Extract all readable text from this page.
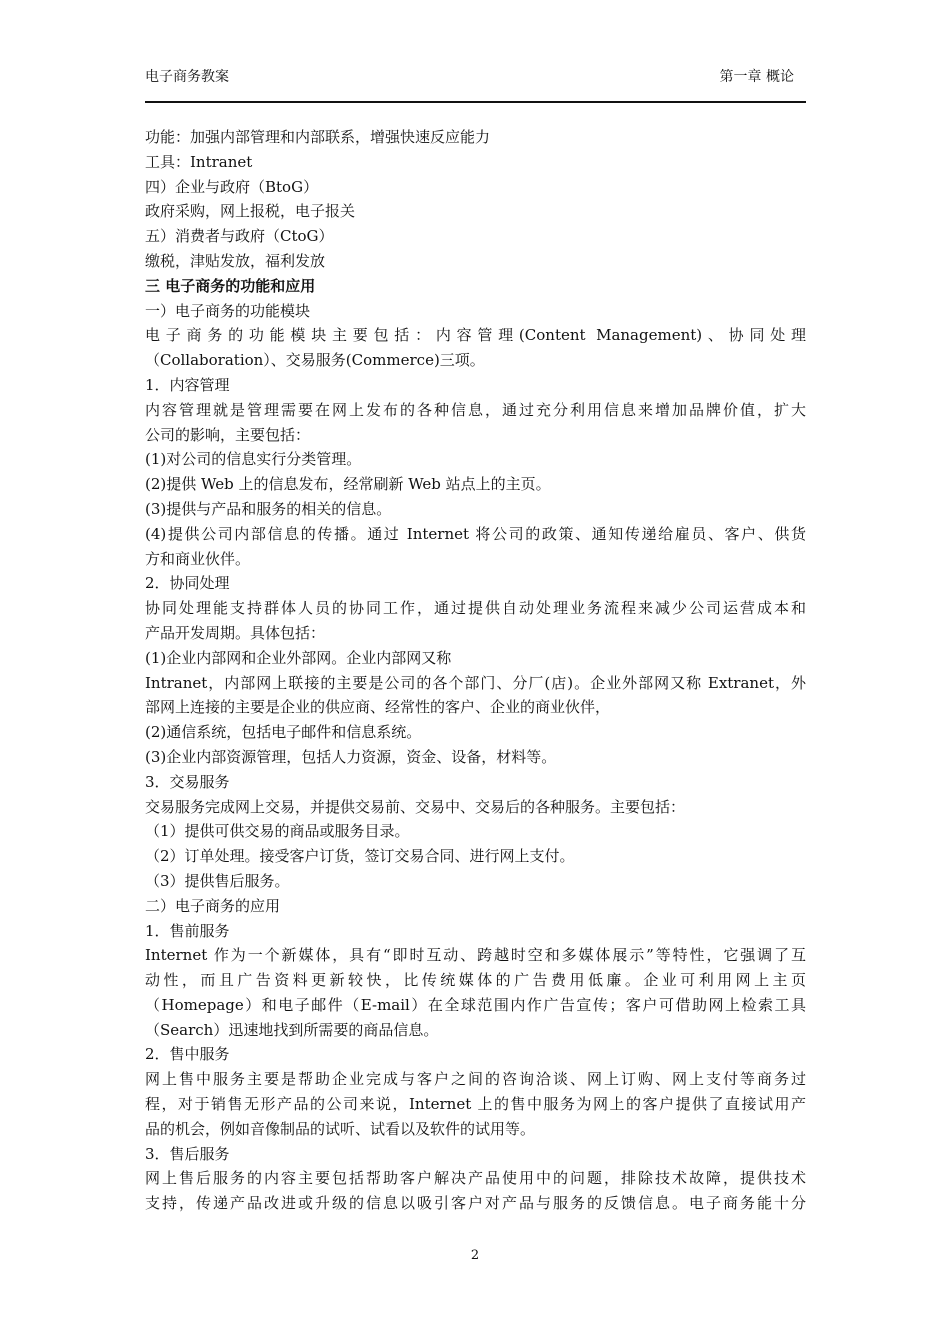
电子商务教案	第一章 概论
功能：加强内部管理和内部联系，增强快速反应能力
工具：Intranet
四）企业与政府（BtoG）
政府采购，网上报税，电子报关
五）消费者与政府（CtoG）
缴税，津贴发放，福利发放
三 电子商务的功能和应用
一）电子商务的功能模块
电子商务的功能模块主要包括：内容管理(Content Management)、协同处理
（Collaboration）、交易服务(Commerce)三项。
1．内容管理
内容管理就是管理需要在网上发布的各种信息，通过充分利用信息来增加品牌价值，扩大
公司的影响，主要包括：
(1)对公司的信息实行分类管理。
(2)提供 Web 上的信息发布，经常刷新 Web 站点上的主页。
(3)提供与产品和服务的相关的信息。
(4)提供公司内部信息的传播。通过 Internet 将公司的政策、通知传递给雇员、客户、供货
方和商业伙伴。
2．协同处理
协同处理能支持群体人员的协同工作，通过提供自动处理业务流程来减少公司运营成本和
产品开发周期。具体包括：
(1)企业内部网和企业外部网。企业内部网又称
Intranet，内部网上联接的主要是公司的各个部门、分厂(店)。企业外部网又称 Extranet，外
部网上连接的主要是企业的供应商、经常性的客户、企业的商业伙伴，
(2)通信系统，包括电子邮件和信息系统。
(3)企业内部资源管理，包括人力资源，资金、设备，材料等。
3．交易服务
交易服务完成网上交易，并提供交易前、交易中、交易后的各种服务。主要包括：
（1）提供可供交易的商品或服务目录。
（2）订单处理。接受客户订货，签订交易合同、进行网上支付。
（3）提供售后服务。
二）电子商务的应用
1．售前服务
Internet 作为一个新媒体，具有“即时互动、跨越时空和多媒体展示”等特性，它强调了互
动性，而且广告资料更新较快，比传统媒体的广告费用低廉。企业可利用网上主页
（Homepage）和电子邮件（E-mail）在全球范围内作广告宣传；客户可借助网上检索工具
（Search）迅速地找到所需要的商品信息。
2．售中服务
网上售中服务主要是帮助企业完成与客户之间的咨询洽谈、网上订购、网上支付等商务过
程，对于销售无形产品的公司来说，Internet 上的售中服务为网上的客户提供了直接试用产
品的机会，例如音像制品的试听、试看以及软件的试用等。
3．售后服务
网上售后服务的内容主要包括帮助客户解决产品使用中的问题，排除技术故障，提供技术
支持，传递产品改进或升级的信息以吸引客户对产品与服务的反馈信息。电子商务能十分
2
